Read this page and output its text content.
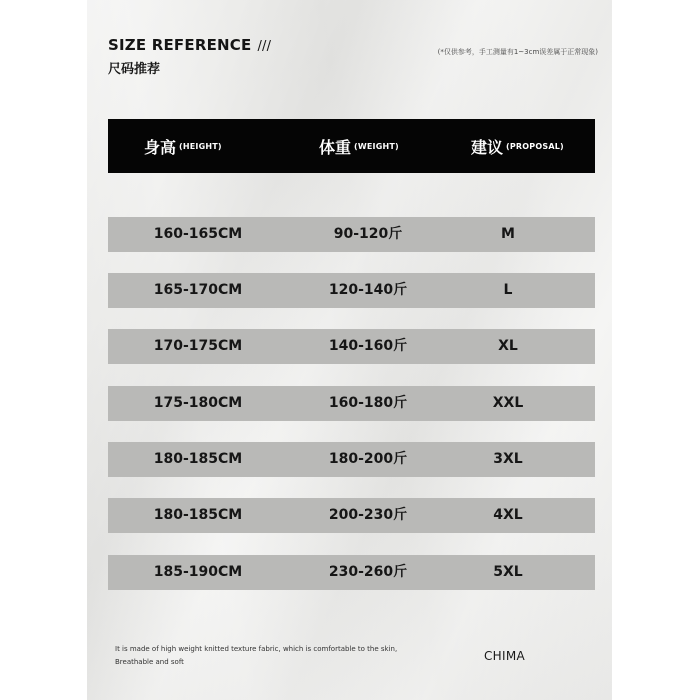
SIZE REFERENCE ///
尺码推荐
(*仅供参考，手工测量有1~3cm误差属于正常现象)
身高 (HEIGHT)	体重 (WEIGHT)	建议 (PROPOSAL)
160-165CM	90-120斤	M
165-170CM	120-140斤	L
170-175CM	140-160斤	XL
175-180CM	160-180斤	XXL
180-185CM	180-200斤	3XL
180-185CM	200-230斤	4XL
185-190CM	230-260斤	5XL
It is made of high weight knitted texture fabric, which is comfortable to the skin,
Breathable and soft	CHIMA
